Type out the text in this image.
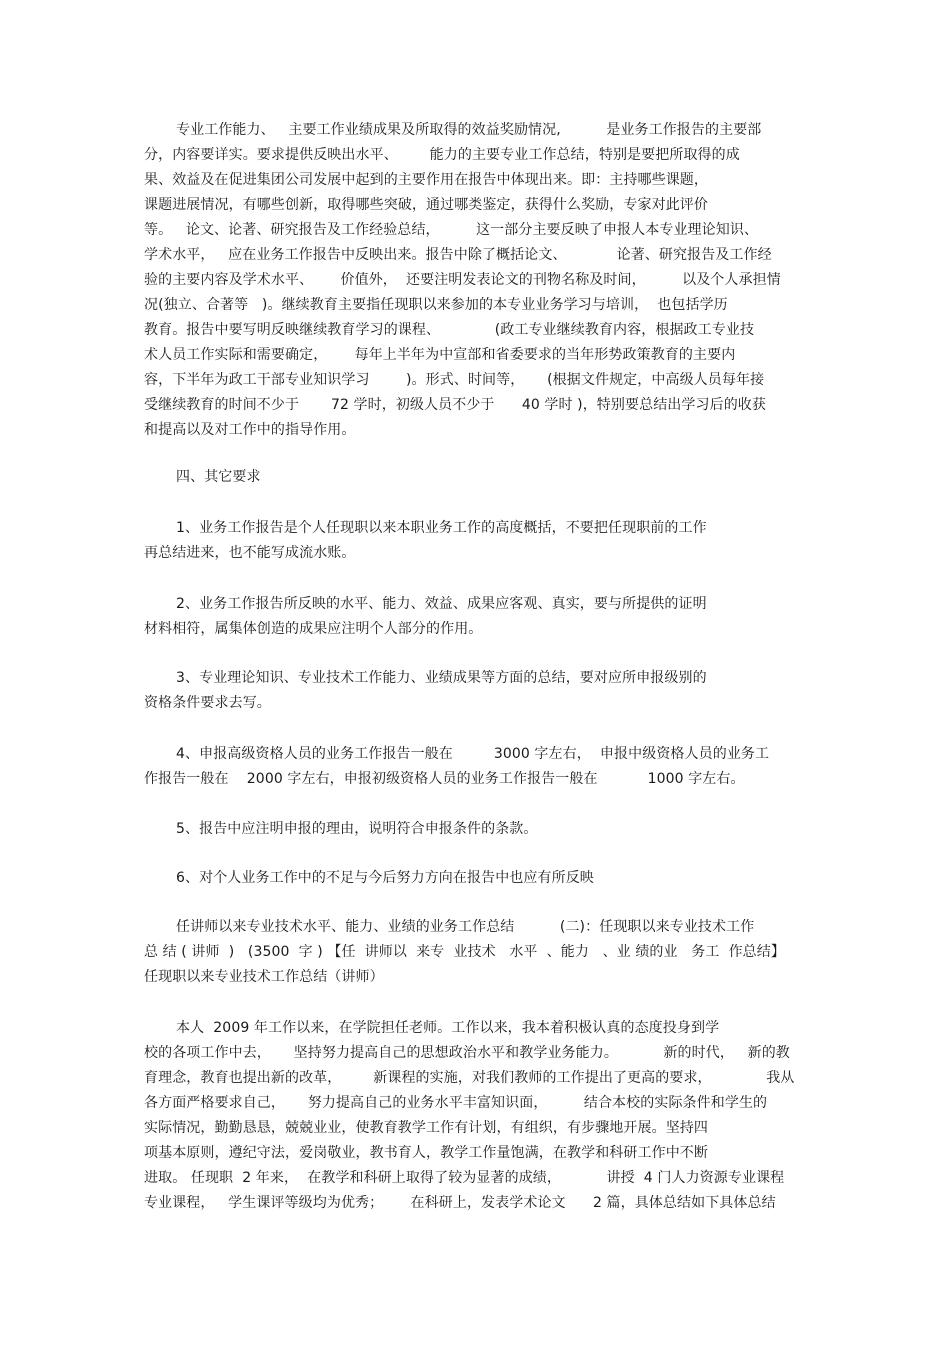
专业工作能力、   主要工作业绩成果及所取得的效益奖励情况,          是业务工作报告的主要部

分，内容要详实。要求提供反映出水平、       能力的主要专业工作总结，特别是要把所取得的成

果、效益及在促进集团公司发展中起到的主要作用在报告中体现出来。即：主持哪些课题，

课题进展情况，有哪些创新，取得哪些突破，通过哪类鉴定，获得什么奖励，专家对此评价

等。   论文、论著、研究报告及工作经验总结，        这一部分主要反映了申报人本专业理论知识、

学术水平，   应在业务工作报告中反映出来。报告中除了概括论文、           论著、研究报告及工作经

验的主要内容及学术水平、      价值外，  还要注明发表论文的刊物名称及时间，        以及个人承担情

况(独立、合著等   )。继续教育主要指任现职以来参加的本专业业务学习与培训，  也包括学历

教育。报告中要写明反映继续教育学习的课程、            (政工专业继续教育内容，根据政工专业技

术人员工作实际和需要确定，      每年上半年为中宣部和省委要求的当年形势政策教育的主要内

容，下半年为政工干部专业知识学习        )。形式、时间等，     (根据文件规定，中高级人员每年接

受继续教育的时间不少于       72 学时，初级人员不少于      40 学时 )，特别要总结出学习后的收获

和提高以及对工作中的指导作用。

四、其它要求

1、业务工作报告是个人任现职以来本职业务工作的高度概括，不要把任现职前的工作

再总结进来，也不能写成流水账。

2、业务工作报告所反映的水平、能力、效益、成果应客观、真实，要与所提供的证明

材料相符，属集体创造的成果应注明个人部分的作用。

3、专业理论知识、专业技术工作能力、业绩成果等方面的总结，要对应所申报级别的

资格条件要求去写。

4、申报高级资格人员的业务工作报告一般在         3000 字左右，  申报中级资格人员的业务工

作报告一般在    2000 字左右，申报初级资格人员的业务工作报告一般在           1000 字左右。

5、报告中应注明申报的理由，说明符合申报条件的条款。

6、对个人业务工作中的不足与今后努力方向在报告中也应有所反映

任讲师以来专业技术水平、能力、业绩的业务工作总结          (二)：任现职以来专业技术工作

总 结 ( 讲师  )   (3500  字 ) 【任  讲师以  来专  业技术   水平  、能力   、业 绩的业   务工  作总结】

任现职以来专业技术工作总结（讲师）

本人  2009 年工作以来，在学院担任老师。工作以来，我本着积极认真的态度投身到学

校的各项工作中去，     坚持努力提高自己的思想政治水平和教学业务能力。          新的时代，   新的教

育理念，教育也提出新的改革，       新课程的实施，对我们教师的工作提出了更高的要求，            我从

各方面严格要求自己，     努力提高自己的业务水平丰富知识面，        结合本校的实际条件和学生的

实际情况，勤勤恳恳，兢兢业业，使教育教学工作有计划，有组织，有步骤地开展。坚持四

项基本原则，遵纪守法，爱岗敬业，教书育人，教学工作量饱满，在教学和科研工作中不断

进取。 任现职  2 年来，  在教学和科研上取得了较为显著的成绩，          讲授  4 门人力资源专业课程

专业课程，   学生课评等级均为优秀；      在科研上，发表学术论文      2 篇，具体总结如下具体总结
